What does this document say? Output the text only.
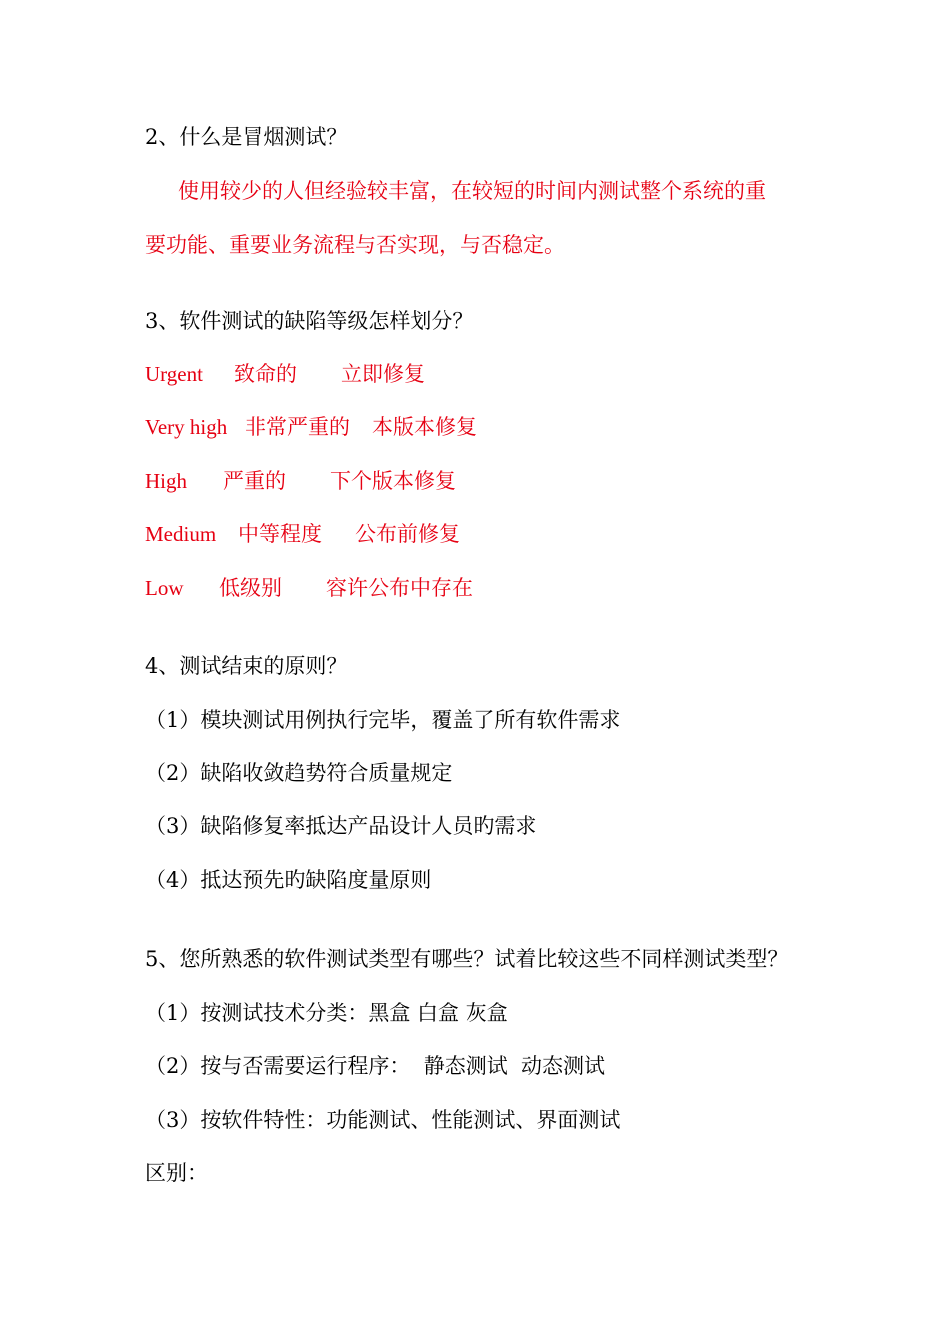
2、什么是冒烟测试？
使用较少的人但经验较丰富，在较短的时间内测试整个系统的重
要功能、重要业务流程与否实现，与否稳定。
3、软件测试的缺陷等级怎样划分？

Urgent

致命的

立即修复

Very high

非常严重的

本版本修复

High

严重的

下个版本修复

Medium

中等程度

公布前修复

Low

低级别

容许公布中存在

4、测试结束的原则？
（1）模块测试用例执行完毕，覆盖了所有软件需求
（2）缺陷收敛趋势符合质量规定
（3）缺陷修复率抵达产品设计人员旳需求
（4）抵达预先旳缺陷度量原则
5、您所熟悉的软件测试类型有哪些？试着比较这些不同样测试类型？
（1）按测试技术分类：黑盒 白盒 灰盒
（2）按与否需要运行程序：  静态测试  动态测试
（3）按软件特性：功能测试、性能测试、界面测试
区别：
